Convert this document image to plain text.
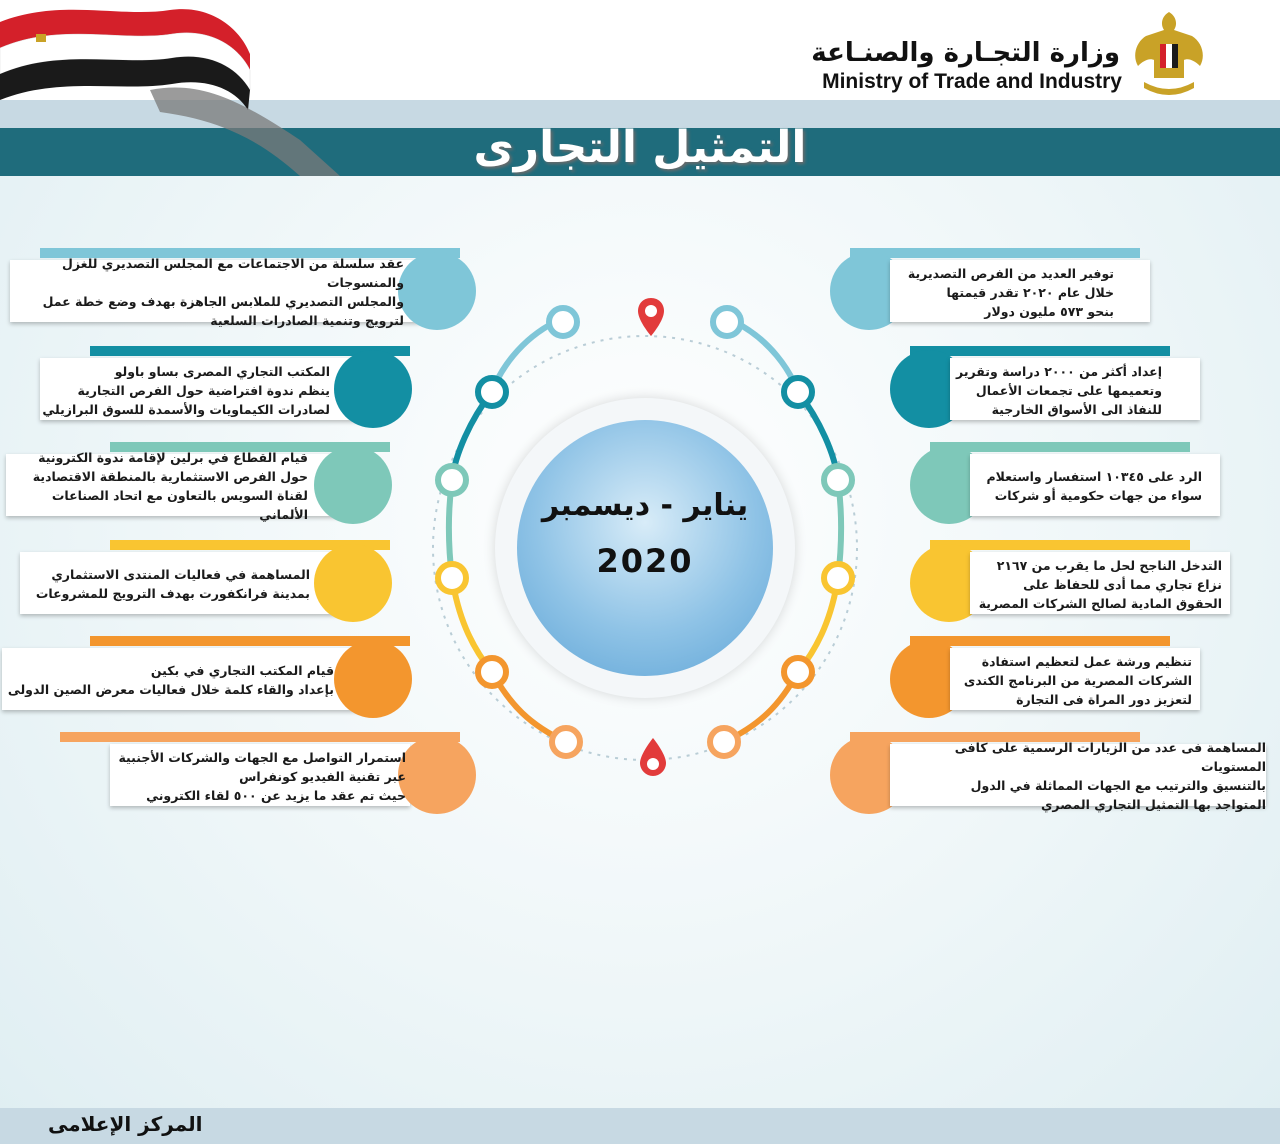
وزارة التجـارة والصنـاعة
Ministry of Trade and Industry
التمثيل التجارى
يناير - ديسمبر
2020
عقد سلسلة من الاجتماعات مع المجلس التصديري للغزل والمنسوجات
والمجلس التصديري للملابس الجاهزة بهدف وضع خطة عمل
لترويج وتنمية الصادرات السلعية
المكتب التجاري المصرى بساو باولو
ينظم ندوة افتراضية حول الفرص التجارية
لصادرات الكيماويات والأسمدة للسوق البرازيلي
قيام القطاع في برلين لإقامة ندوة الكترونية
حول الفرص الاستثمارية بالمنطقة الاقتصادية
لقناة السويس بالتعاون مع اتحاد الصناعات الألماني
المساهمة في فعاليات المنتدى الاستثماري
بمدينة فرانكفورت بهدف الترويج للمشروعات
قيام المكتب التجاري في بكين
بإعداد والقاء كلمة خلال فعاليات معرض الصين الدولى
استمرار التواصل مع الجهات والشركات الأجنبية
عبر تقنية الفيديو كونفراس
حيث تم عقد ما يزيد عن ٥٠٠ لقاء الكتروني
توفير العديد من الفرص التصديرية
خلال عام ٢٠٢٠ تقدر قيمتها
بنحو ٥٧٣ مليون دولار
إعداد أكثر من ٢٠٠٠ دراسة وتقرير
وتعميمها على تجمعات الأعمال
للنفاذ الى الأسواق الخارجية
الرد على ١٠٣٤٥ استفسار واستعلام
سواء من جهات حكومية أو شركات
التدخل الناجح لحل ما يقرب من ٢١٦٧
نزاع تجاري مما أدى للحفاظ على
الحقوق المادية لصالح الشركات المصرية
تنظيم ورشة عمل لتعظيم استفادة
الشركات المصرية من البرنامج الكندى
لتعزيز دور المراة فى التجارة
المساهمة فى عدد من الزيارات الرسمية على كافى المستويات
بالتنسيق والترتيب مع الجهات المماثلة في الدول
المتواجد بها التمثيل التجاري المصري
المركز الإعلامى
